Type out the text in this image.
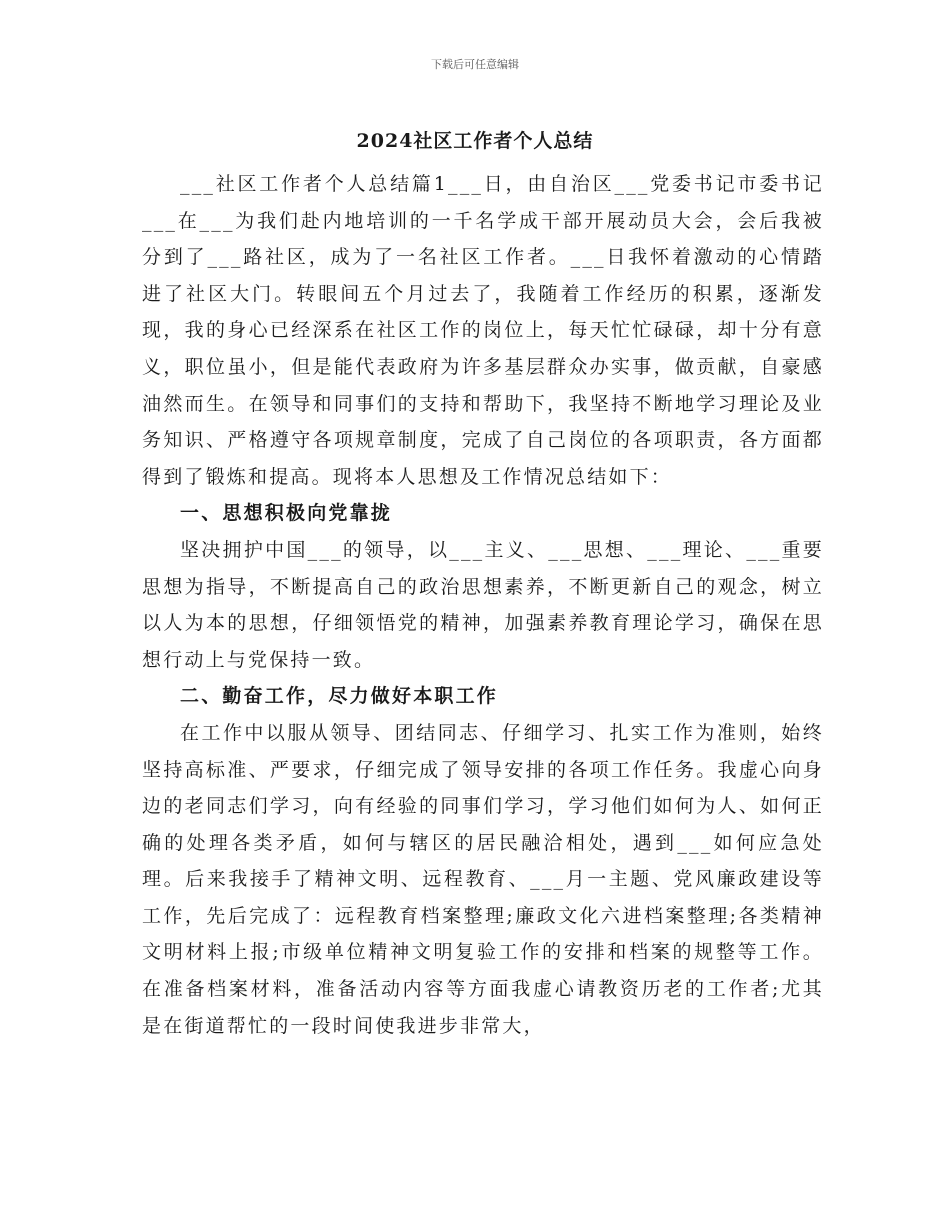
下载后可任意编辑
2024社区工作者个人总结

___社区工作者个人总结篇1___日，由自治区___党委书记市委书记___在___为我们赴内地培训的一千名学成干部开展动员大会，会后我被分到了___路社区，成为了一名社区工作者。___日我怀着激动的心情踏进了社区大门。转眼间五个月过去了，我随着工作经历的积累，逐渐发现，我的身心已经深系在社区工作的岗位上，每天忙忙碌碌，却十分有意义，职位虽小，但是能代表政府为许多基层群众办实事，做贡献，自豪感油然而生。在领导和同事们的支持和帮助下，我坚持不断地学习理论及业务知识、严格遵守各项规章制度，完成了自己岗位的各项职责，各方面都得到了锻炼和提高。现将本人思想及工作情况总结如下：

一、思想积极向党靠拢

坚决拥护中国___的领导，以___主义、___思想、___理论、___重要思想为指导，不断提高自己的政治思想素养，不断更新自己的观念，树立以人为本的思想，仔细领悟党的精神，加强素养教育理论学习，确保在思想行动上与党保持一致。

二、勤奋工作，尽力做好本职工作

在工作中以服从领导、团结同志、仔细学习、扎实工作为准则，始终坚持高标准、严要求，仔细完成了领导安排的各项工作任务。我虚心向身边的老同志们学习，向有经验的同事们学习，学习他们如何为人、如何正确的处理各类矛盾，如何与辖区的居民融洽相处，遇到___如何应急处理。后来我接手了精神文明、远程教育、___月一主题、党风廉政建设等工作，先后完成了：远程教育档案整理;廉政文化六进档案整理;各类精神文明材料上报;市级单位精神文明复验工作的安排和档案的规整等工作。在准备档案材料，准备活动内容等方面我虚心请教资历老的工作者;尤其是在街道帮忙的一段时间使我进步非常大，
